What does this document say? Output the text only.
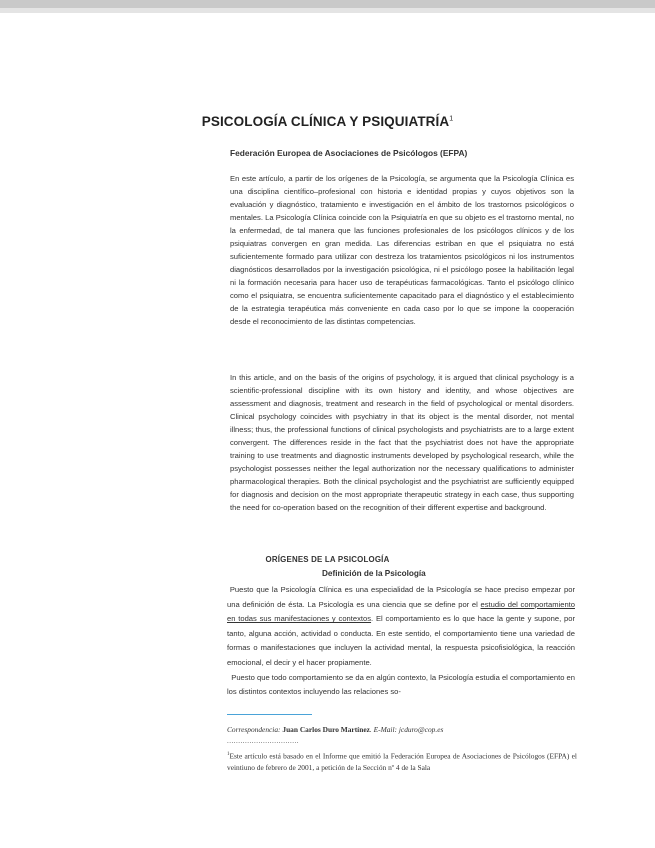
PSICOLOGÍA CLÍNICA Y PSIQUIATRÍA$^1$
Federación Europea de Asociaciones de Psicólogos (EFPA)

En este artículo, a partir de los orígenes de la Psicología, se argumenta que la Psicología Clínica es una disciplina científico–profesional con historia e identidad propias y cuyos objetivos son la evaluación y diagnóstico, tratamiento e investigación en el ámbito de los trastornos psicológicos o mentales. La Psicología Clínica coincide con la Psiquiatría en que su objeto es el trastorno mental, no la enfermedad, de tal manera que las funciones profesionales de los psicólogos clínicos y de los psiquiatras convergen en gran medida. Las diferencias estriban en que el psiquiatra no está suficientemente formado para utilizar con destreza los tratamientos psicológicos ni los instrumentos diagnósticos desarrollados por la investigación psicológica, ni el psicólogo posee la habilitación legal ni la formación necesaria para hacer uso de terapéuticas farmacológicas. Tanto el psicólogo clínico como el psiquiatra, se encuentra suficientemente capacitado para el diagnóstico y el establecimiento de la estrategia terapéutica más conveniente en cada caso por lo que se impone la cooperación desde el reconocimiento de las distintas competencias.

In this article, and on the basis of the origins of psychology, it is argued that clinical psychology is a scientific-professional discipline with its own history and identity, and whose objectives are assessment and diagnosis, treatment and research in the field of psychological or mental disorders. Clinical psychology coincides with psychiatry in that its object is the mental disorder, not mental illness; thus, the professional functions of clinical psychologists and psychiatrists are to a large extent convergent. The differences reside in the fact that the psychiatrist does not have the appropriate training to use treatments and diagnostic instruments developed by psychological research, while the psychologist possesses neither the legal authorization nor the necessary qualifications to administer pharmacological therapies. Both the clinical psychologist and the psychiatrist are sufficiently equipped for diagnosis and decision on the most appropriate therapeutic strategy in each case, thus supporting the need for co-operation based on the recognition of their different expertise and background.

ORÍGENES DE LA PSICOLOGÍA
Definición de la Psicología

Puesto que la Psicología Clínica es una especialidad de la Psicología se hace preciso empezar por una definición de ésta. La Psicología es una ciencia que se define por el estudio del comportamiento en todas sus manifestaciones y contextos. El comportamiento es lo que hace la gente y supone, por tanto, alguna acción, actividad o conducta. En este sentido, el comportamiento tiene una variedad de formas o manifestaciones que incluyen la actividad mental, la respuesta psicofisiológica, la reacción emocional, el decir y el hacer propiamente.
Puesto que todo comportamiento se da en algún contexto, la Psicología estudia el comportamiento en los distintos contextos incluyendo las relaciones so-

Correspondencia: Juan Carlos Duro Martínez. E-Mail: jcduro@cop.es
................................

$^1$Este artículo está basado en el Informe que emitió la Federación Europea de Asociaciones de Psicólogos (EFPA) el veintiuno de febrero de 2001, a petición de la Sección nº 4 de la Sala
